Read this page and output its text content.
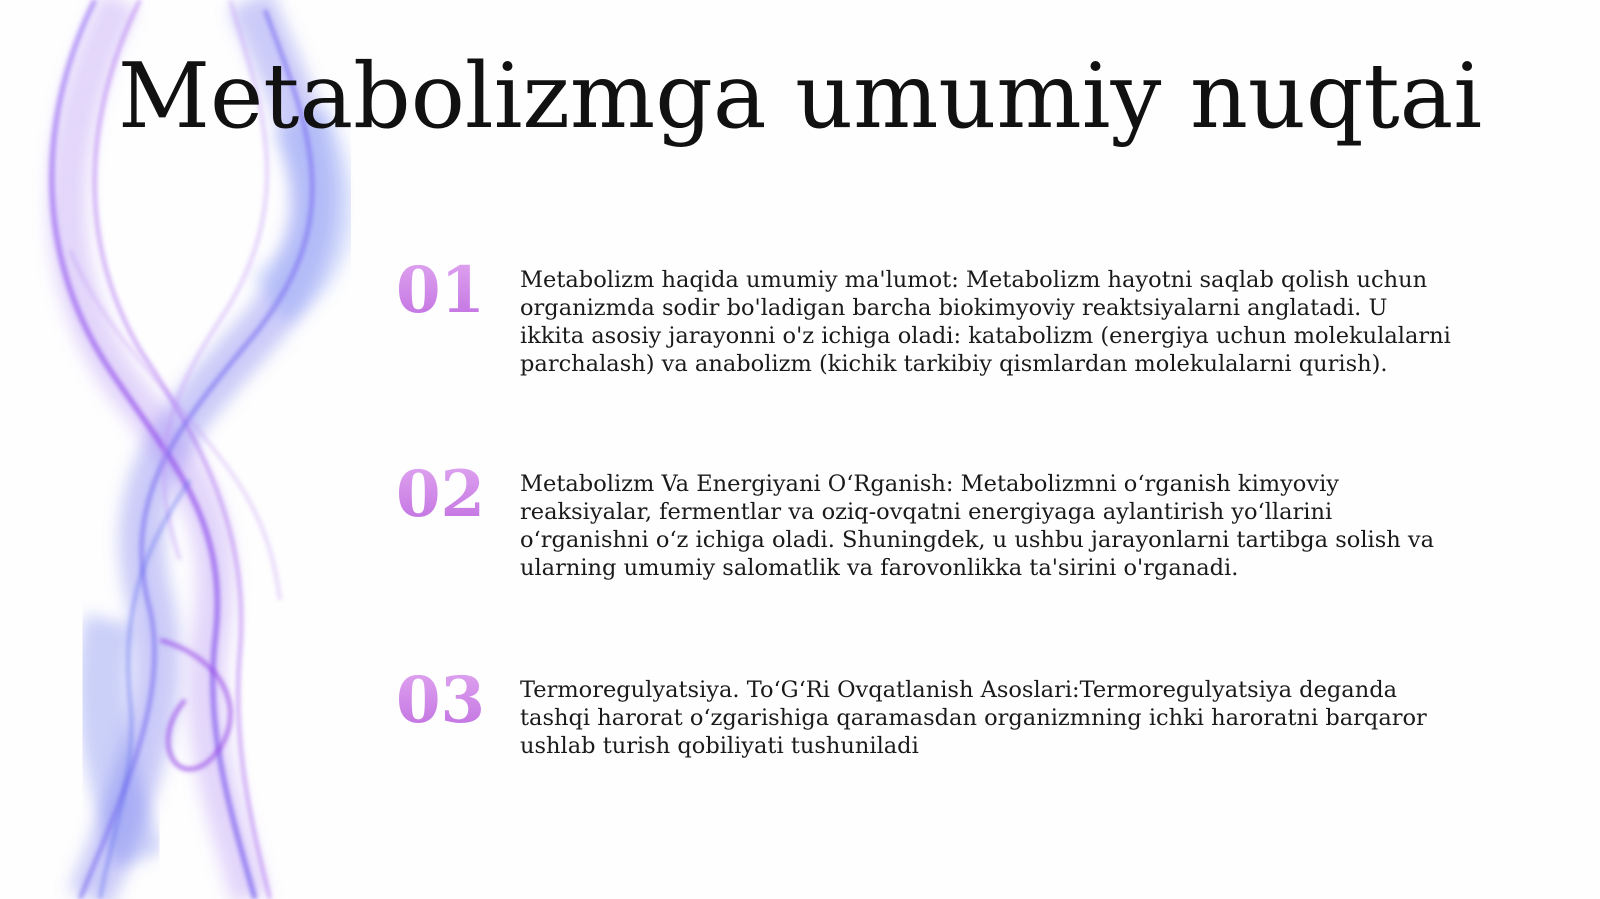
Metabolizmga umumiy nuqtai
01	Metabolizm haqida umumiy ma'lumot: Metabolizm hayotni saqlab qolish uchun organizmda sodir bo'ladigan barcha biokimyoviy reaktsiyalarni anglatadi. U ikkita asosiy jarayonni o'z ichiga oladi: katabolizm (energiya uchun molekulalarni parchalash) va anabolizm (kichik tarkibiy qismlardan molekulalarni qurish).
02	Metabolizm Va Energiyani O‘Rganish: Metabolizmni o‘rganish kimyoviy reaksiyalar, fermentlar va oziq-ovqatni energiyaga aylantirish yo‘llarini o‘rganishni o‘z ichiga oladi. Shuningdek, u ushbu jarayonlarni tartibga solish va ularning umumiy salomatlik va farovonlikka ta'sirini o'rganadi.
03	Termoregulyatsiya. To‘G‘Ri Ovqatlanish Asoslari:Termoregulyatsiya deganda tashqi harorat o‘zgarishiga qaramasdan organizmning ichki haroratni barqaror ushlab turish qobiliyati tushuniladi
